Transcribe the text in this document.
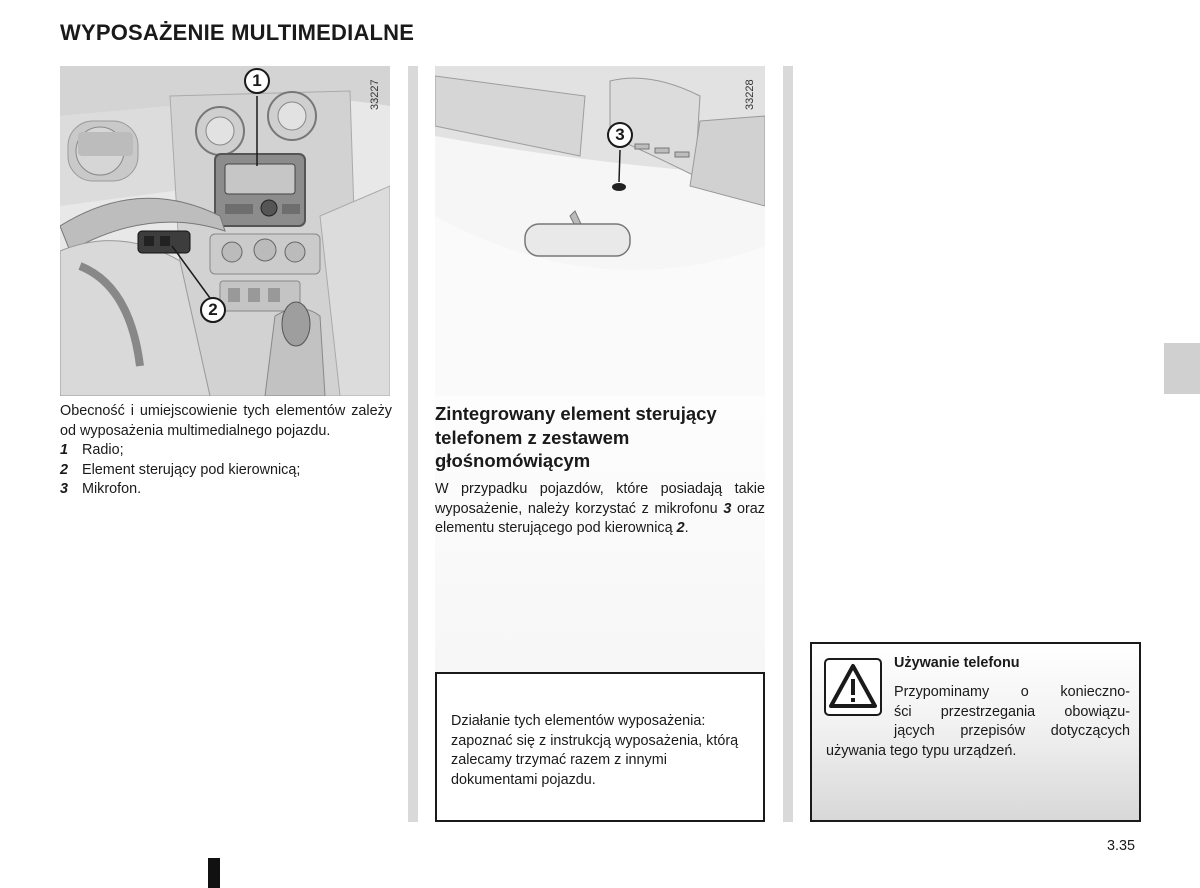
WYPOSAŻENIE MULTIMEDIALNE
1
2
33227
3
33228

Obecność i umiejscowienie tych elementów zależy od wyposażenia multimedialnego pojazdu.

1 Radio;
2 Element sterujący pod kierownicą;
3 Mikrofon.
Zintegrowany element sterujący telefonem z zestawem głośnomówiącym

W przypadku pojazdów, które posiadają takie wyposażenie, należy korzystać z mikrofonu 3 oraz elementu sterującego pod kierownicą 2.

Działanie tych elementów wyposażenia: zapoznać się z instrukcją wyposażenia, którą zalecamy trzymać razem z innymi dokumentami pojazdu.

Używanie telefonu
Przypominamy o konieczno-
ści przestrzegania obowiązu-
jących przepisów dotyczących
używania tego typu urządzeń.
3.35
